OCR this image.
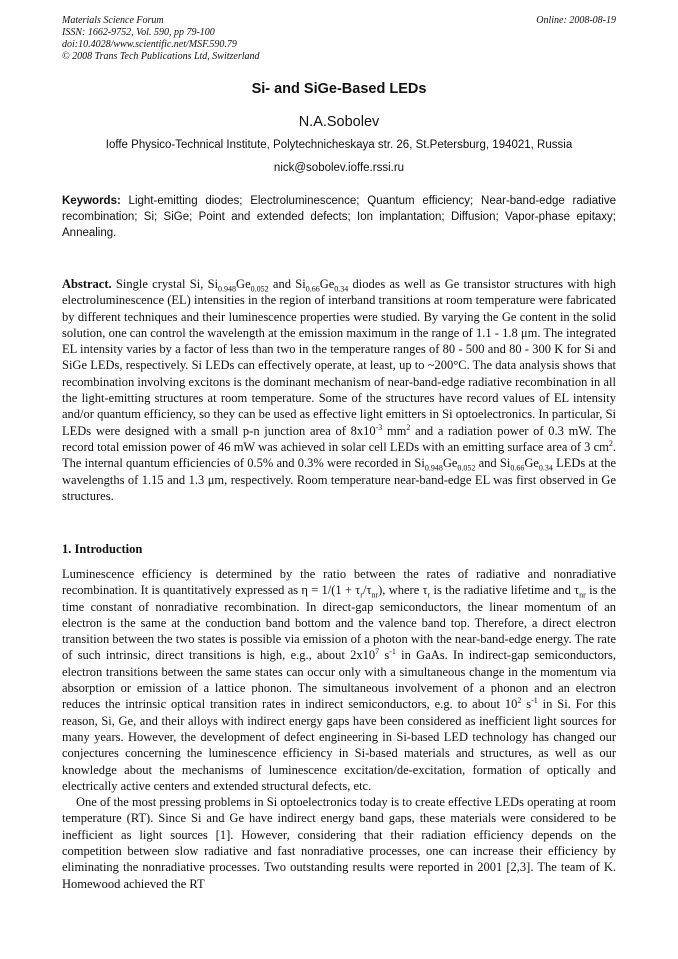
Materials Science Forum	Online: 2008-08-19
ISSN: 1662-9752, Vol. 590, pp 79-100
doi:10.4028/www.scientific.net/MSF.590.79
© 2008 Trans Tech Publications Ltd, Switzerland
Si- and SiGe-Based LEDs
N.A.Sobolev
Ioffe Physico-Technical Institute, Polytechnicheskaya str. 26, St.Petersburg, 194021, Russia
nick@sobolev.ioffe.rssi.ru
Keywords: Light-emitting diodes; Electroluminescence; Quantum efficiency; Near-band-edge radiative recombination; Si; SiGe; Point and extended defects; Ion implantation; Diffusion; Vapor-phase epitaxy; Annealing.
Abstract. Single crystal Si, $Si_{0.948}Ge_{0.052}$ and $Si_{0.66}Ge_{0.34}$ diodes as well as Ge transistor structures with high electroluminescence (EL) intensities in the region of interband transitions at room temperature were fabricated by different techniques and their luminescence properties were studied. By varying the Ge content in the solid solution, one can control the wavelength at the emission maximum in the range of 1.1 - 1.8 μm. The integrated EL intensity varies by a factor of less than two in the temperature ranges of 80 - 500 and 80 - 300 K for Si and SiGe LEDs, respectively. Si LEDs can effectively operate, at least, up to ~200°C. The data analysis shows that recombination involving excitons is the dominant mechanism of near-band-edge radiative recombination in all the light-emitting structures at room temperature. Some of the structures have record values of EL intensity and/or quantum efficiency, so they can be used as effective light emitters in Si optoelectronics. In particular, Si LEDs were designed with a small p-n junction area of $8x10^{-3}$ $mm^2$ and a radiation power of 0.3 mW. The record total emission power of 46 mW was achieved in solar cell LEDs with an emitting surface area of 3 $cm^2$. The internal quantum efficiencies of 0.5% and 0.3% were recorded in $Si_{0.948}Ge_{0.052}$ and $Si_{0.66}Ge_{0.34}$ LEDs at the wavelengths of 1.15 and 1.3 μm, respectively. Room temperature near-band-edge EL was first observed in Ge structures.
1. Introduction

Luminescence efficiency is determined by the ratio between the rates of radiative and nonradiative recombination. It is quantitatively expressed as $\eta = 1/(1 + \tau_r/\tau_{nr})$, where $\tau_r$ is the radiative lifetime and $\tau_{nr}$ is the time constant of nonradiative recombination. In direct-gap semiconductors, the linear momentum of an electron is the same at the conduction band bottom and the valence band top. Therefore, a direct electron transition between the two states is possible via emission of a photon with the near-band-edge energy. The rate of such intrinsic, direct transitions is high, e.g., about $2x10^7$ $s^{-1}$ in GaAs. In indirect-gap semiconductors, electron transitions between the same states can occur only with a simultaneous change in the momentum via absorption or emission of a lattice phonon. The simultaneous involvement of a phonon and an electron reduces the intrinsic optical transition rates in indirect semiconductors, e.g. to about $10^2$ $s^{-1}$ in Si. For this reason, Si, Ge, and their alloys with indirect energy gaps have been considered as inefficient light sources for many years. However, the development of defect engineering in Si-based LED technology has changed our conjectures concerning the luminescence efficiency in Si-based materials and structures, as well as our knowledge about the mechanisms of luminescence excitation/de-excitation, formation of optically and electrically active centers and extended structural defects, etc.

One of the most pressing problems in Si optoelectronics today is to create effective LEDs operating at room temperature (RT). Since Si and Ge have indirect energy band gaps, these materials were considered to be inefficient as light sources [1]. However, considering that their radiation efficiency depends on the competition between slow radiative and fast nonradiative processes, one can increase their efficiency by eliminating the nonradiative processes. Two outstanding results were reported in 2001 [2,3]. The team of K. Homewood achieved the RT
